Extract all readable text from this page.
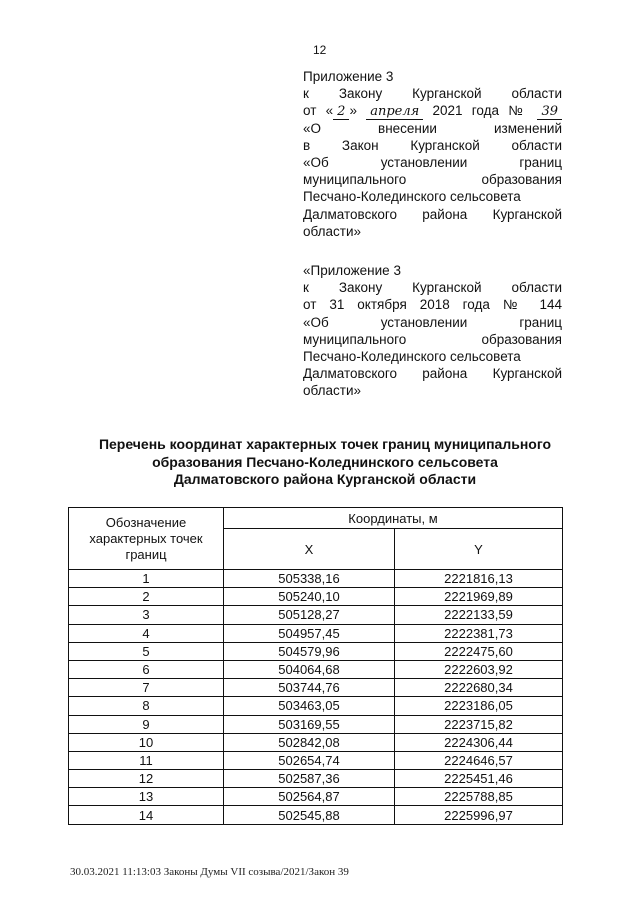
12
Приложение 3
к Закону Курганской области
от « 2 » апреля 2021 года № 39
«О внесении изменений
в Закон Курганской области
«Об установлении границ
муниципального образования
Песчано-Колединского сельсовета
Далматовского района Курганской
области»
«Приложение 3
к Закону Курганской области
от 31 октября 2018 года № 144
«Об установлении границ
муниципального образования
Песчано-Колединского сельсовета
Далматовского района Курганской
области»
Перечень координат характерных точек границ муниципального
образования Песчано-Коледнинского сельсовета
Далматовского района Курганской области
Обозначение характерных точек границ	Координаты, м	
	X	Y
1	505338,16	2221816,13
2	505240,10	2221969,89
3	505128,27	2222133,59
4	504957,45	2222381,73
5	504579,96	2222475,60
6	504064,68	2222603,92
7	503744,76	2222680,34
8	503463,05	2223186,05
9	503169,55	2223715,82
10	502842,08	2224306,44
11	502654,74	2224646,57
12	502587,36	2225451,46
13	502564,87	2225788,85
14	502545,88	2225996,97
30.03.2021 11:13:03 Законы Думы VII созыва/2021/Закон 39
